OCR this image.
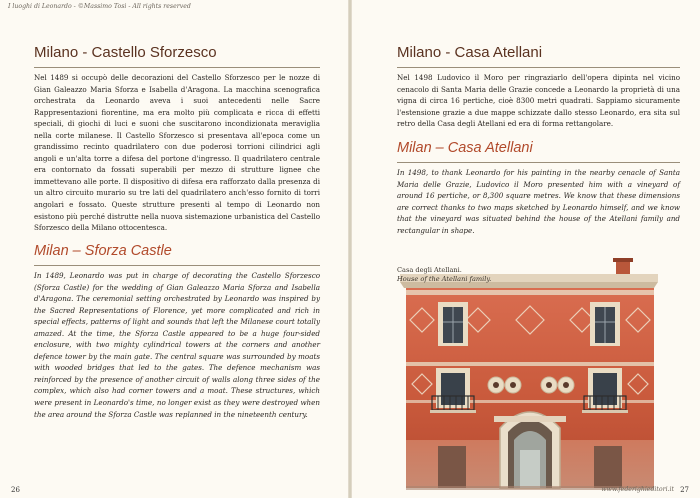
I luoghi di Leonardo - ©Massimo Tosi - All rights reserved
Milano - Castello Sforzesco

Nel 1489 si occupò delle decorazioni del Castello Sforzesco per le nozze di Gian Galeazzo Maria Sforza e Isabella d'Aragona. La macchina scenografica orchestrata da Leonardo aveva i suoi antecedenti nelle Sacre Rappresentazioni fiorentine, ma era molto più complicata e ricca di effetti speciali, di giochi di luci e suoni che suscitarono incondizionata meraviglia nella corte milanese. Il Castello Sforzesco si presentava all'epoca come un grandissimo recinto quadrilatero con due poderosi torrioni cilindrici agli angoli e un'alta torre a difesa del portone d'ingresso. Il quadrilatero centrale era contornato da fossati superabili per mezzo di strutture lignee che immettevano alle porte. Il dispositivo di difesa era rafforzato dalla presenza di un altro circuito murario su tre lati del quadrilatero anch'esso fornito di torri angolari e fossato. Queste strutture presenti al tempo di Leonardo non esistono più perché distrutte nella nuova sistemazione urbanistica del Castello Sforzesco della Milano ottocentesca.

Milan – Sforza Castle

In 1489, Leonardo was put in charge of decorating the Castello Sforzesco (Sforza Castle) for the wedding of Gian Galeazzo Maria Sforza and Isabella d'Aragona. The ceremonial setting orchestrated by Leonardo was inspired by the Sacred Representations of Florence, yet more complicated and rich in special effects, patterns of light and sounds that left the Milanese court totally amazed. At the time, the Sforza Castle appeared to be a huge four-sided enclosure, with two mighty cylindrical towers at the corners and another defence tower by the main gate. The central square was surrounded by moats with wooded bridges that led to the gates. The defence mechanism was reinforced by the presence of another circuit of walls along three sides of the complex, which also had corner towers and a moat. These structures, which were present in Leonardo's time, no longer exist as they were destroyed when the area around the Sforza Castle was replanned in the nineteenth century.

26
Milano - Casa Atellani

Nel 1498 Ludovico il Moro per ringraziarlo dell'opera dipinta nel vicino cenacolo di Santa Maria delle Grazie concede a Leonardo la proprietà di una vigna di circa 16 pertiche, cioè 8300 metri quadrati. Sappiamo sicuramente l'estensione grazie a due mappe schizzate dallo stesso Leonardo, era sita sul retro della Casa degli Atellani ed era di forma rettangolare.

Milan – Casa Atellani

In 1498, to thank Leonardo for his painting in the nearby cenacle of Santa Maria delle Grazie, Ludovico il Moro presented him with a vineyard of around 16 pertiche, or 8,300 square metres. We know that these dimensions are correct thanks to two maps sketched by Leonardo himself, and we know that the vineyard was situated behind the house of the Atellani family and rectangular in shape.

Casa degli Atellani.
House of the Atellani family.
www.federighieditori.it 27
